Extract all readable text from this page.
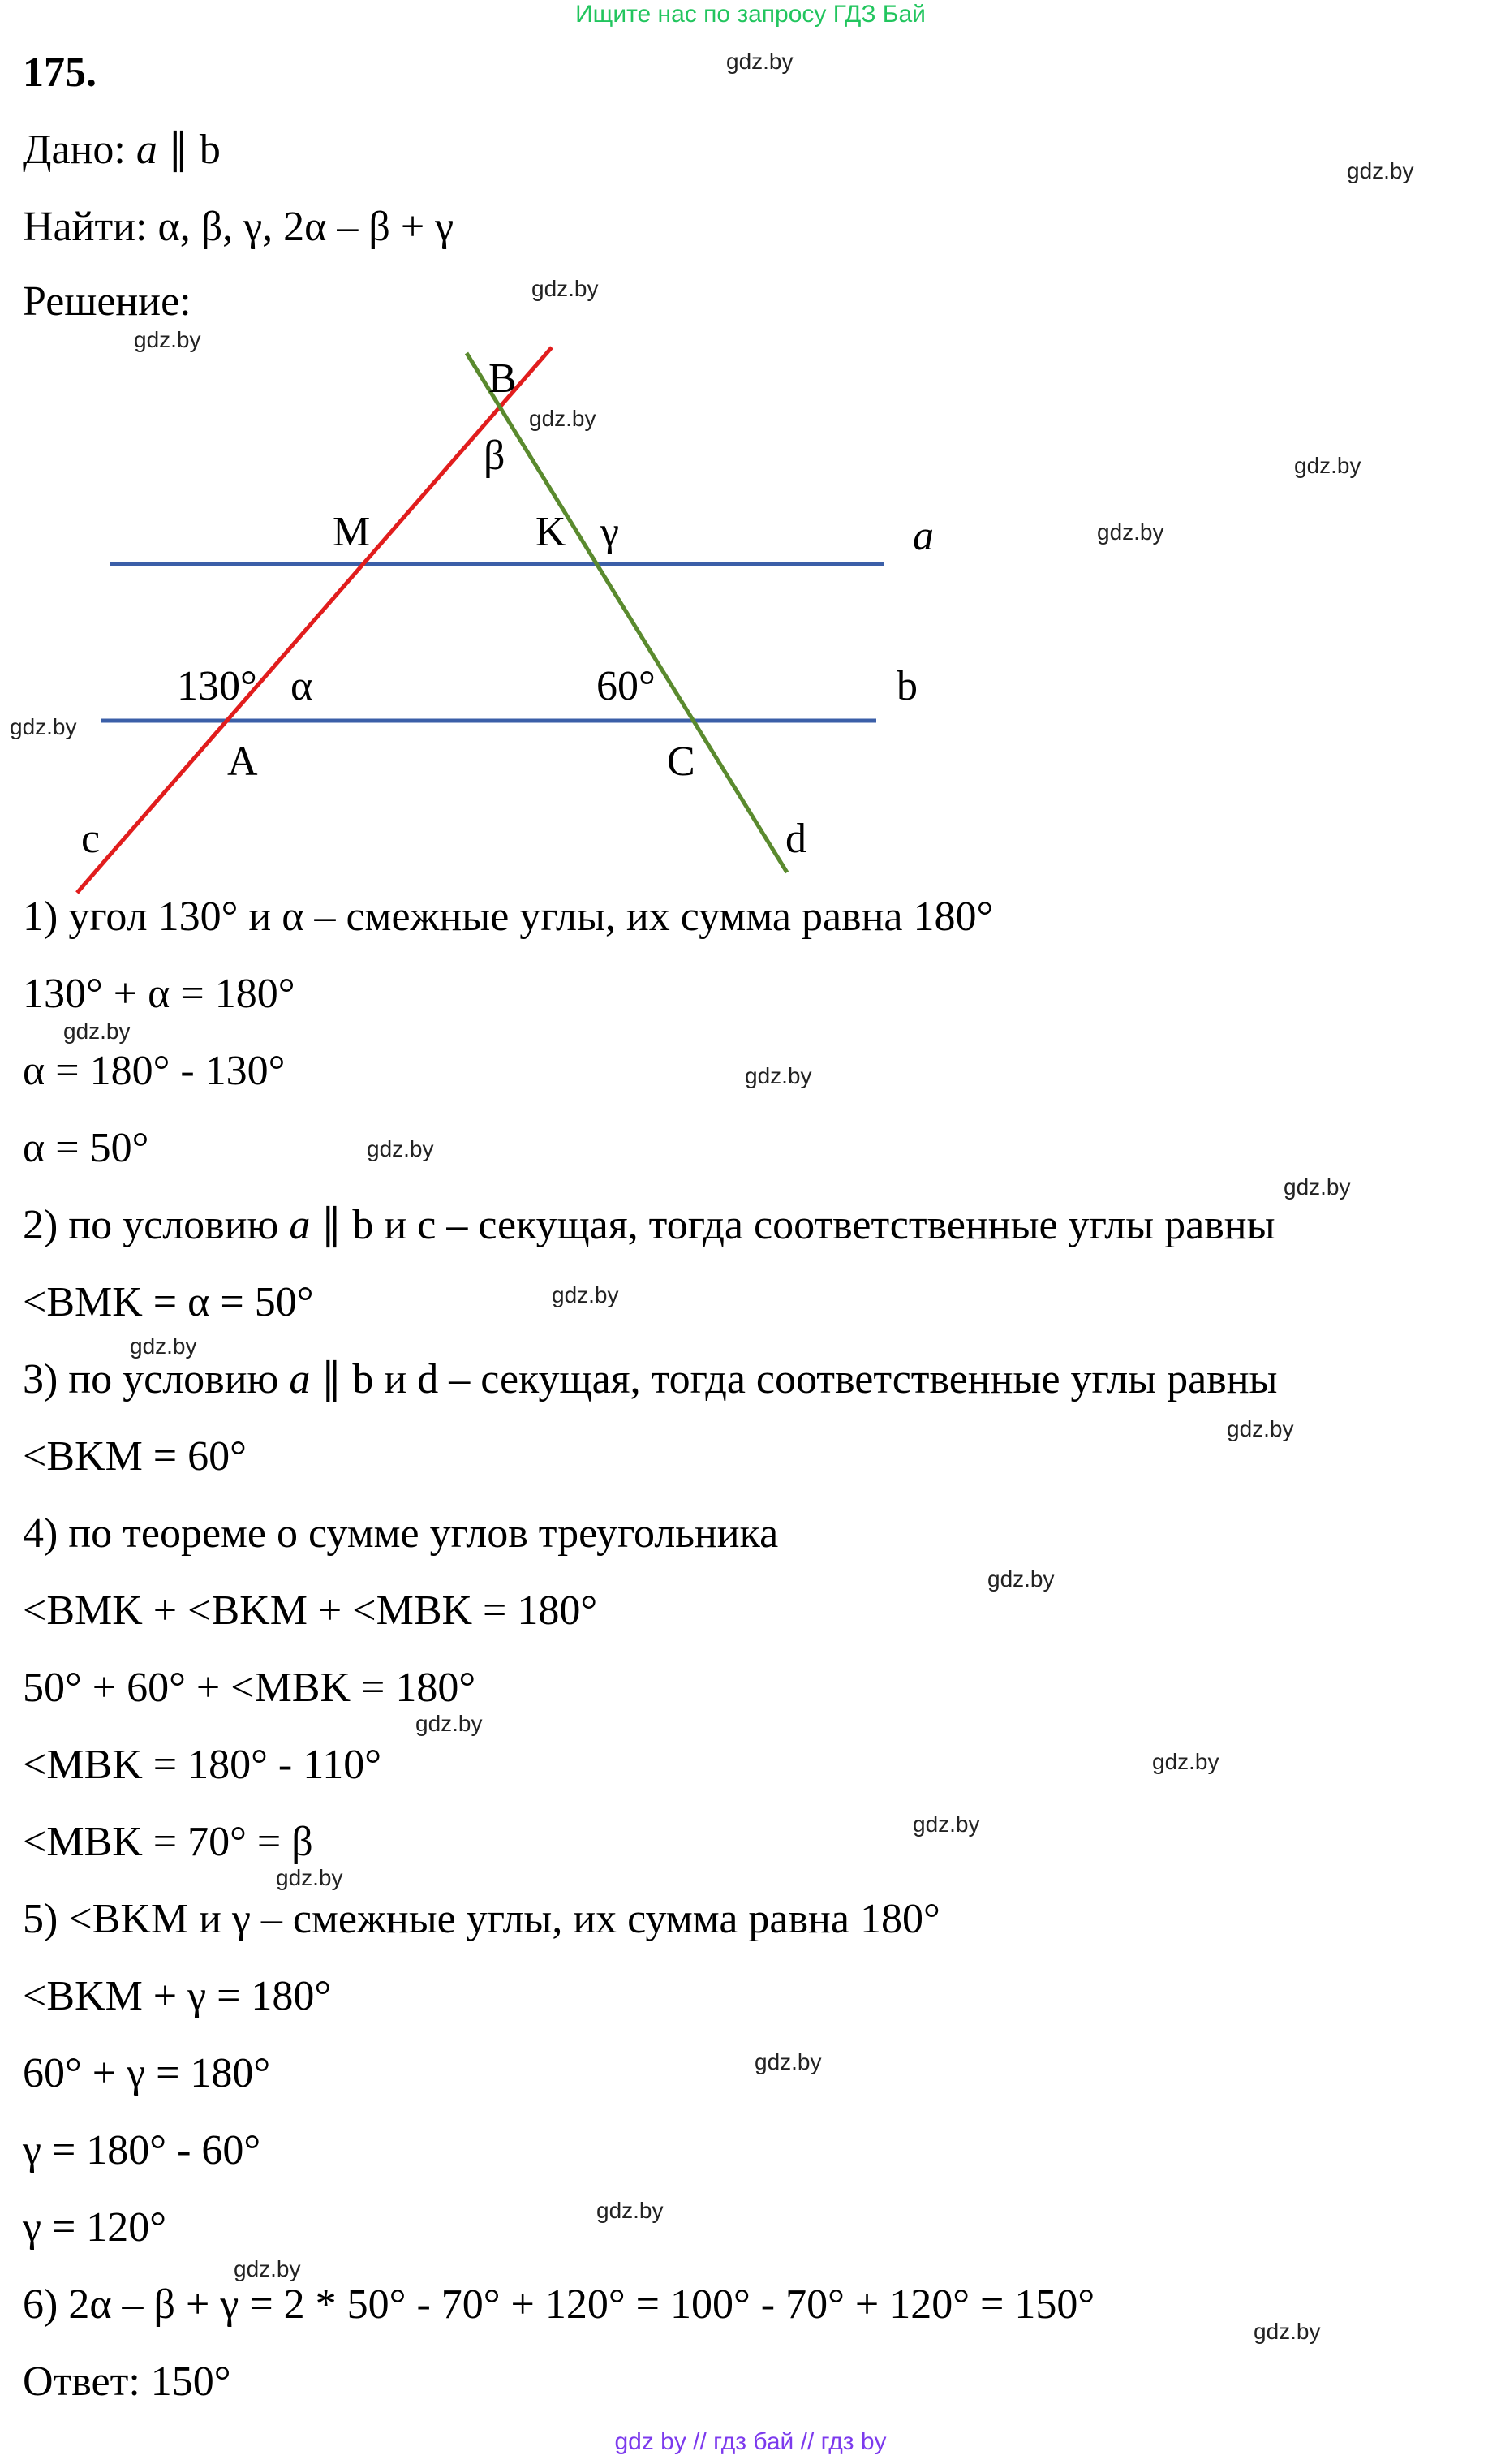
Ищите нас по запросу ГДЗ Бай
175.
Дано: a ∥ b
Найти: α, β, γ, 2α – β + γ
Решение:
B
β
M	K γ	a
130° α	60°	b
A	C
c	d
1) угол 130° и α – смежные углы, их сумма равна 180°
130° + α = 180°
α = 180° - 130°
α = 50°
2) по условию a ∥ b и с – секущая, тогда соответственные углы равны
<BMK = α = 50°
3) по условию a ∥ b и d – секущая, тогда соответственные углы равны
<BKM = 60°
4) по теореме о сумме углов треугольника
<BMK + <BKM + <MBK = 180°
50° + 60° + <MBK = 180°
<MBK = 180° - 110°
<MBK = 70° = β
5) <BKM и γ – смежные углы, их сумма равна 180°
<BKM + γ = 180°
60° + γ = 180°
γ = 180° - 60°
γ = 120°
6) 2α – β + γ = 2 * 50° - 70° + 120° = 100° - 70° + 120° = 150°
Ответ: 150°
gdz.by
gdz.by
gdz.by
gdz.by
gdz.by
gdz.by
gdz.by
gdz.by
gdz.by
gdz.by
gdz.by
gdz.by
gdz.by
gdz.by
gdz.by
gdz.by
gdz.by
gdz.by
gdz.by
gdz.by
gdz.by
gdz.by
gdz.by
gdz.by
gdz by // гдз бай // гдз by
